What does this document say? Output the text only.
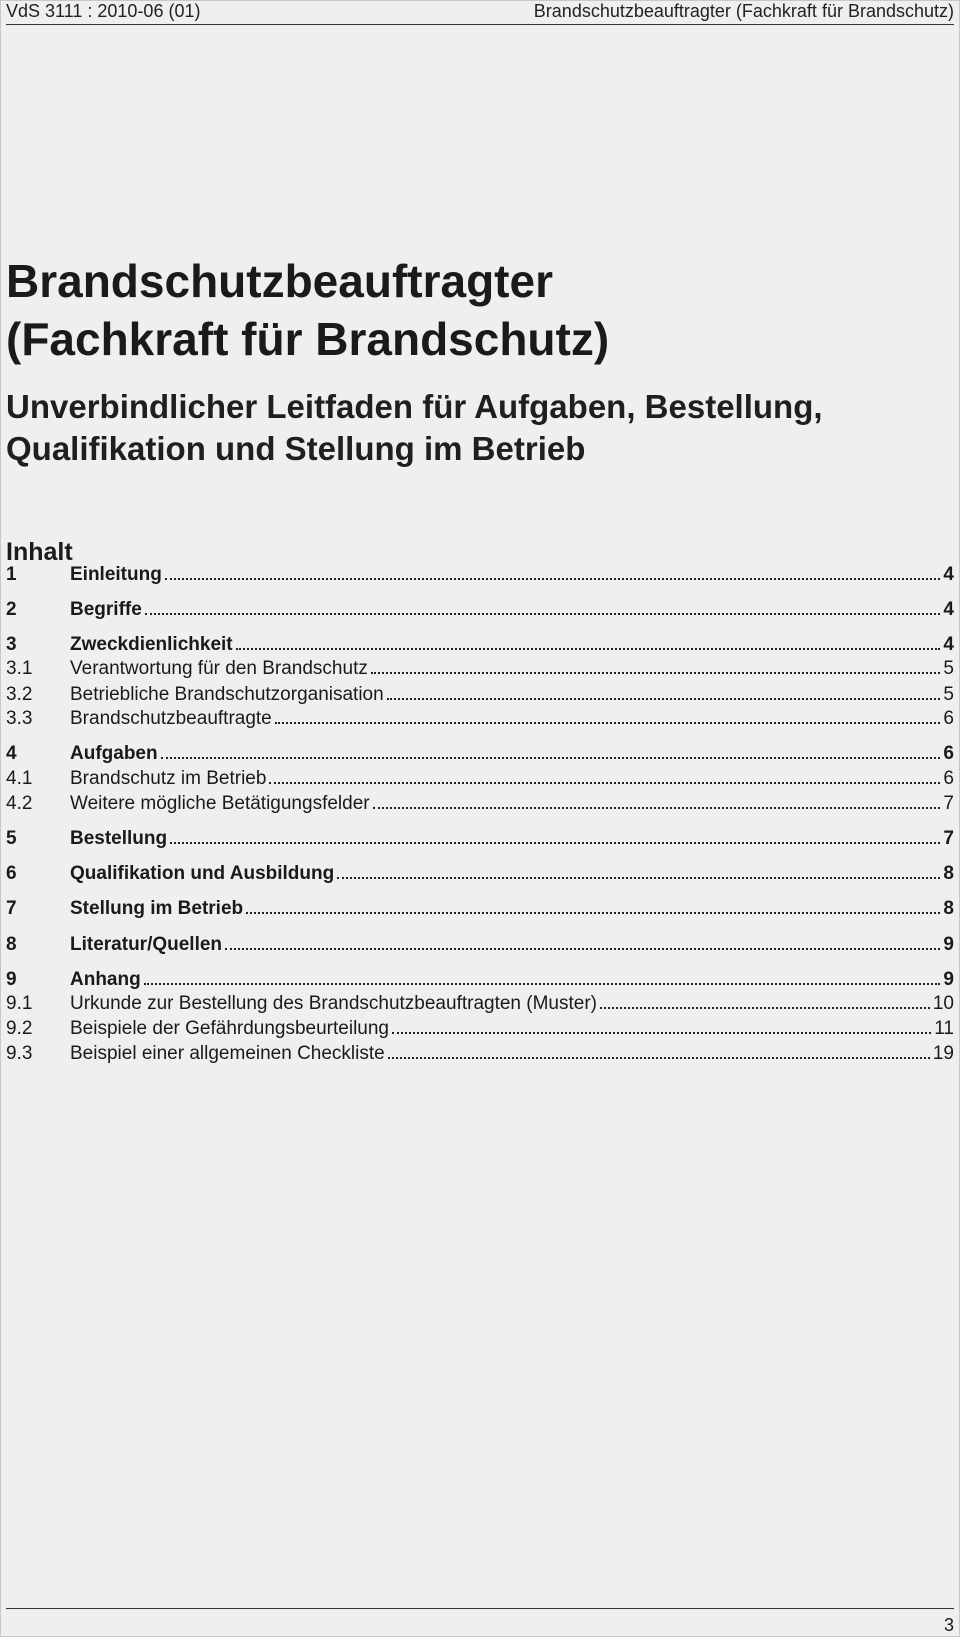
VdS 3111 : 2010-06 (01)	Brandschutzbeauftragter (Fachkraft für Brandschutz)
Brandschutzbeauftragter
(Fachkraft für Brandschutz)
Unverbindlicher Leitfaden für Aufgaben, Bestellung,
Qualifikation und Stellung im Betrieb
Inhalt
1	Einleitung	4
2	Begriffe	4
3	Zweckdienlichkeit	4
3.1	Verantwortung für den Brandschutz	5
3.2	Betriebliche Brandschutzorganisation	5
3.3	Brandschutzbeauftragte	6
4	Aufgaben	6
4.1	Brandschutz im Betrieb	6
4.2	Weitere mögliche Betätigungsfelder	7
5	Bestellung	7
6	Qualifikation und Ausbildung	8
7	Stellung im Betrieb	8
8	Literatur/Quellen	9
9	Anhang	9
9.1	Urkunde zur Bestellung des Brandschutzbeauftragten (Muster)	10
9.2	Beispiele der Gefährdungsbeurteilung	11
9.3	Beispiel einer allgemeinen Checkliste	19
3
